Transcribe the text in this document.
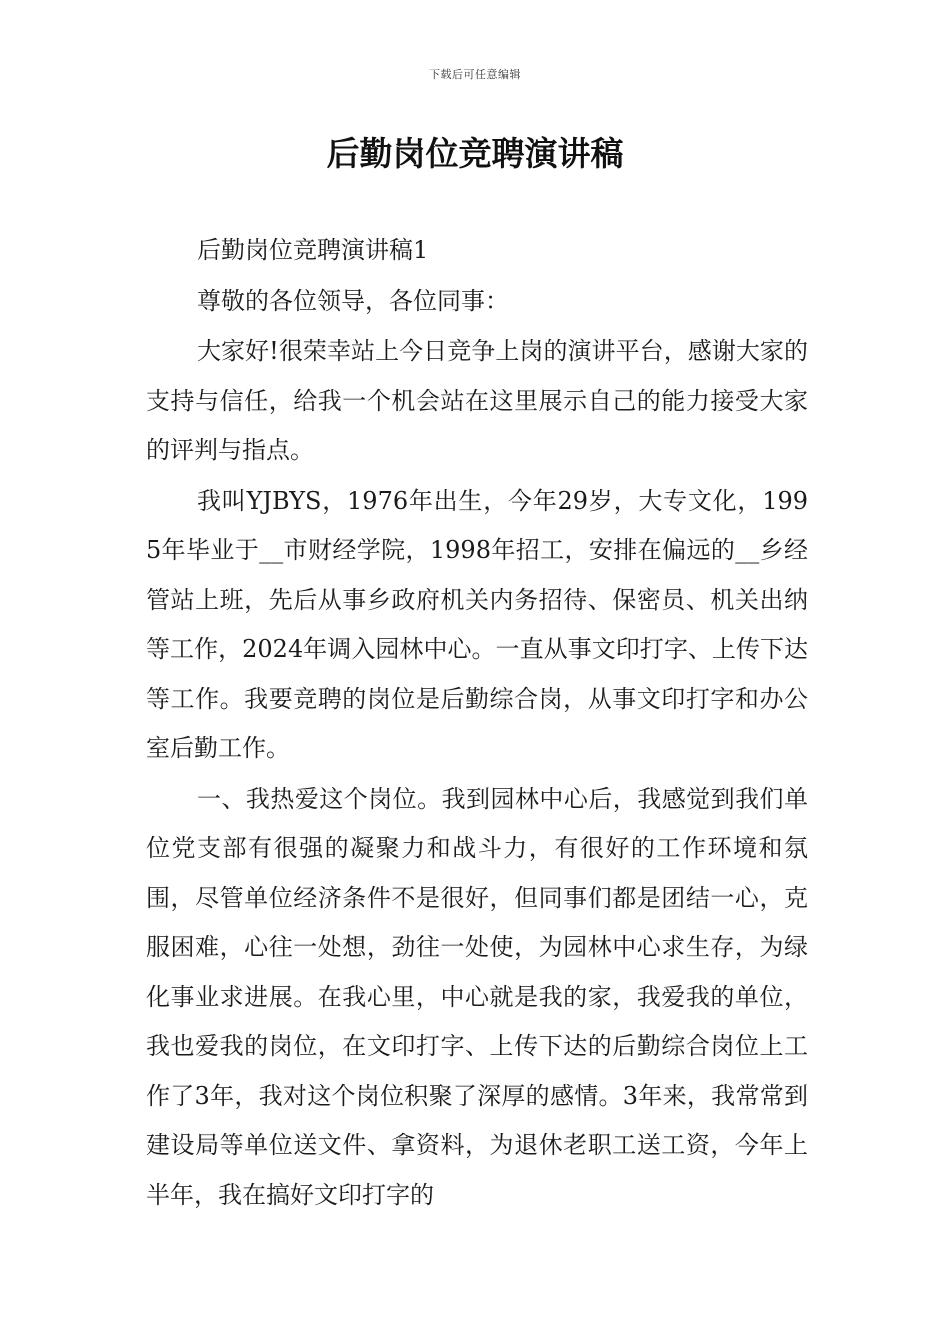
下载后可任意编辑
后勤岗位竞聘演讲稿

后勤岗位竞聘演讲稿1

尊敬的各位领导，各位同事：

大家好!很荣幸站上今日竞争上岗的演讲平台，感谢大家的支持与信任，给我一个机会站在这里展示自己的能力接受大家的评判与指点。

我叫YJBYS，1976年出生，今年29岁，大专文化，1995年毕业于__市财经学院，1998年招工，安排在偏远的__乡经管站上班，先后从事乡政府机关内务招待、保密员、机关出纳等工作，2024年调入园林中心。一直从事文印打字、上传下达等工作。我要竞聘的岗位是后勤综合岗，从事文印打字和办公室后勤工作。

一、我热爱这个岗位。我到园林中心后，我感觉到我们单位党支部有很强的凝聚力和战斗力，有很好的工作环境和氛围，尽管单位经济条件不是很好，但同事们都是团结一心，克服困难，心往一处想，劲往一处使，为园林中心求生存，为绿化事业求进展。在我心里，中心就是我的家，我爱我的单位，我也爱我的岗位，在文印打字、上传下达的后勤综合岗位上工作了3年，我对这个岗位积聚了深厚的感情。3年来，我常常到建设局等单位送文件、拿资料，为退休老职工送工资，今年上半年，我在搞好文印打字的
